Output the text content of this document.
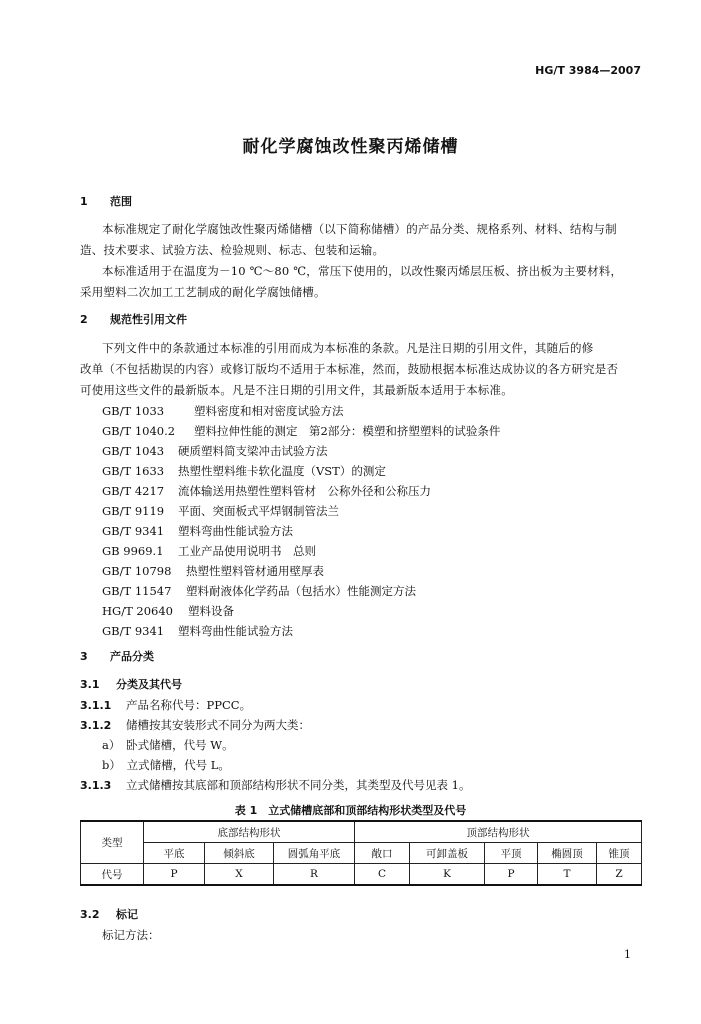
HG/T 3984—2007
耐化学腐蚀改性聚丙烯储槽
1 范围
本标准规定了耐化学腐蚀改性聚丙烯储槽（以下简称储槽）的产品分类、规格系列、材料、结构与制
造、技术要求、试验方法、检验规则、标志、包装和运输。
本标准适用于在温度为－10 ℃～80 ℃，常压下使用的，以改性聚丙烯层压板、挤出板为主要材料，
采用塑料二次加工工艺制成的耐化学腐蚀储槽。
2 规范性引用文件
下列文件中的条款通过本标准的引用而成为本标准的条款。凡是注日期的引用文件，其随后的修
改单（不包括勘误的内容）或修订版均不适用于本标准，然而，鼓励根据本标准达成协议的各方研究是否
可使用这些文件的最新版本。凡是不注日期的引用文件，其最新版本适用于本标准。
GB/T 1033	塑料密度和相对密度试验方法
GB/T 1040.2 塑料拉伸性能的测定　第2部分：模塑和挤塑塑料的试验条件
GB/T 1043 硬质塑料简支梁冲击试验方法
GB/T 1633 热塑性塑料维卡软化温度（VST）的测定
GB/T 4217 流体输送用热塑性塑料管材　公称外径和公称压力
GB/T 9119 平面、突面板式平焊钢制管法兰
GB/T 9341 塑料弯曲性能试验方法
GB 9969.1 工业产品使用说明书　总则
GB/T 10798 热塑性塑料管材通用壁厚表
GB/T 11547 塑料耐液体化学药品（包括水）性能测定方法
HG/T 20640 塑料设备
GB/T 9341 塑料弯曲性能试验方法
3 产品分类
3.1 分类及其代号
3.1.1 产品名称代号：PPCC。
3.1.2 储槽按其安装形式不同分为两大类：
a）　卧式储槽，代号 W。
b）　立式储槽，代号 L。
3.1.3 立式储槽按其底部和顶部结构形状不同分类，其类型及代号见表 1。
表 1　立式储槽底部和顶部结构形状类型及代号
类型	底部结构形状			顶部结构形状				
	平底	倾斜底	圆弧角平底	敞口	可卸盖板	平顶	椭圆顶	锥顶
代号	P	X	R	C	K	P	T	Z
3.2 标记
标记方法：
1
